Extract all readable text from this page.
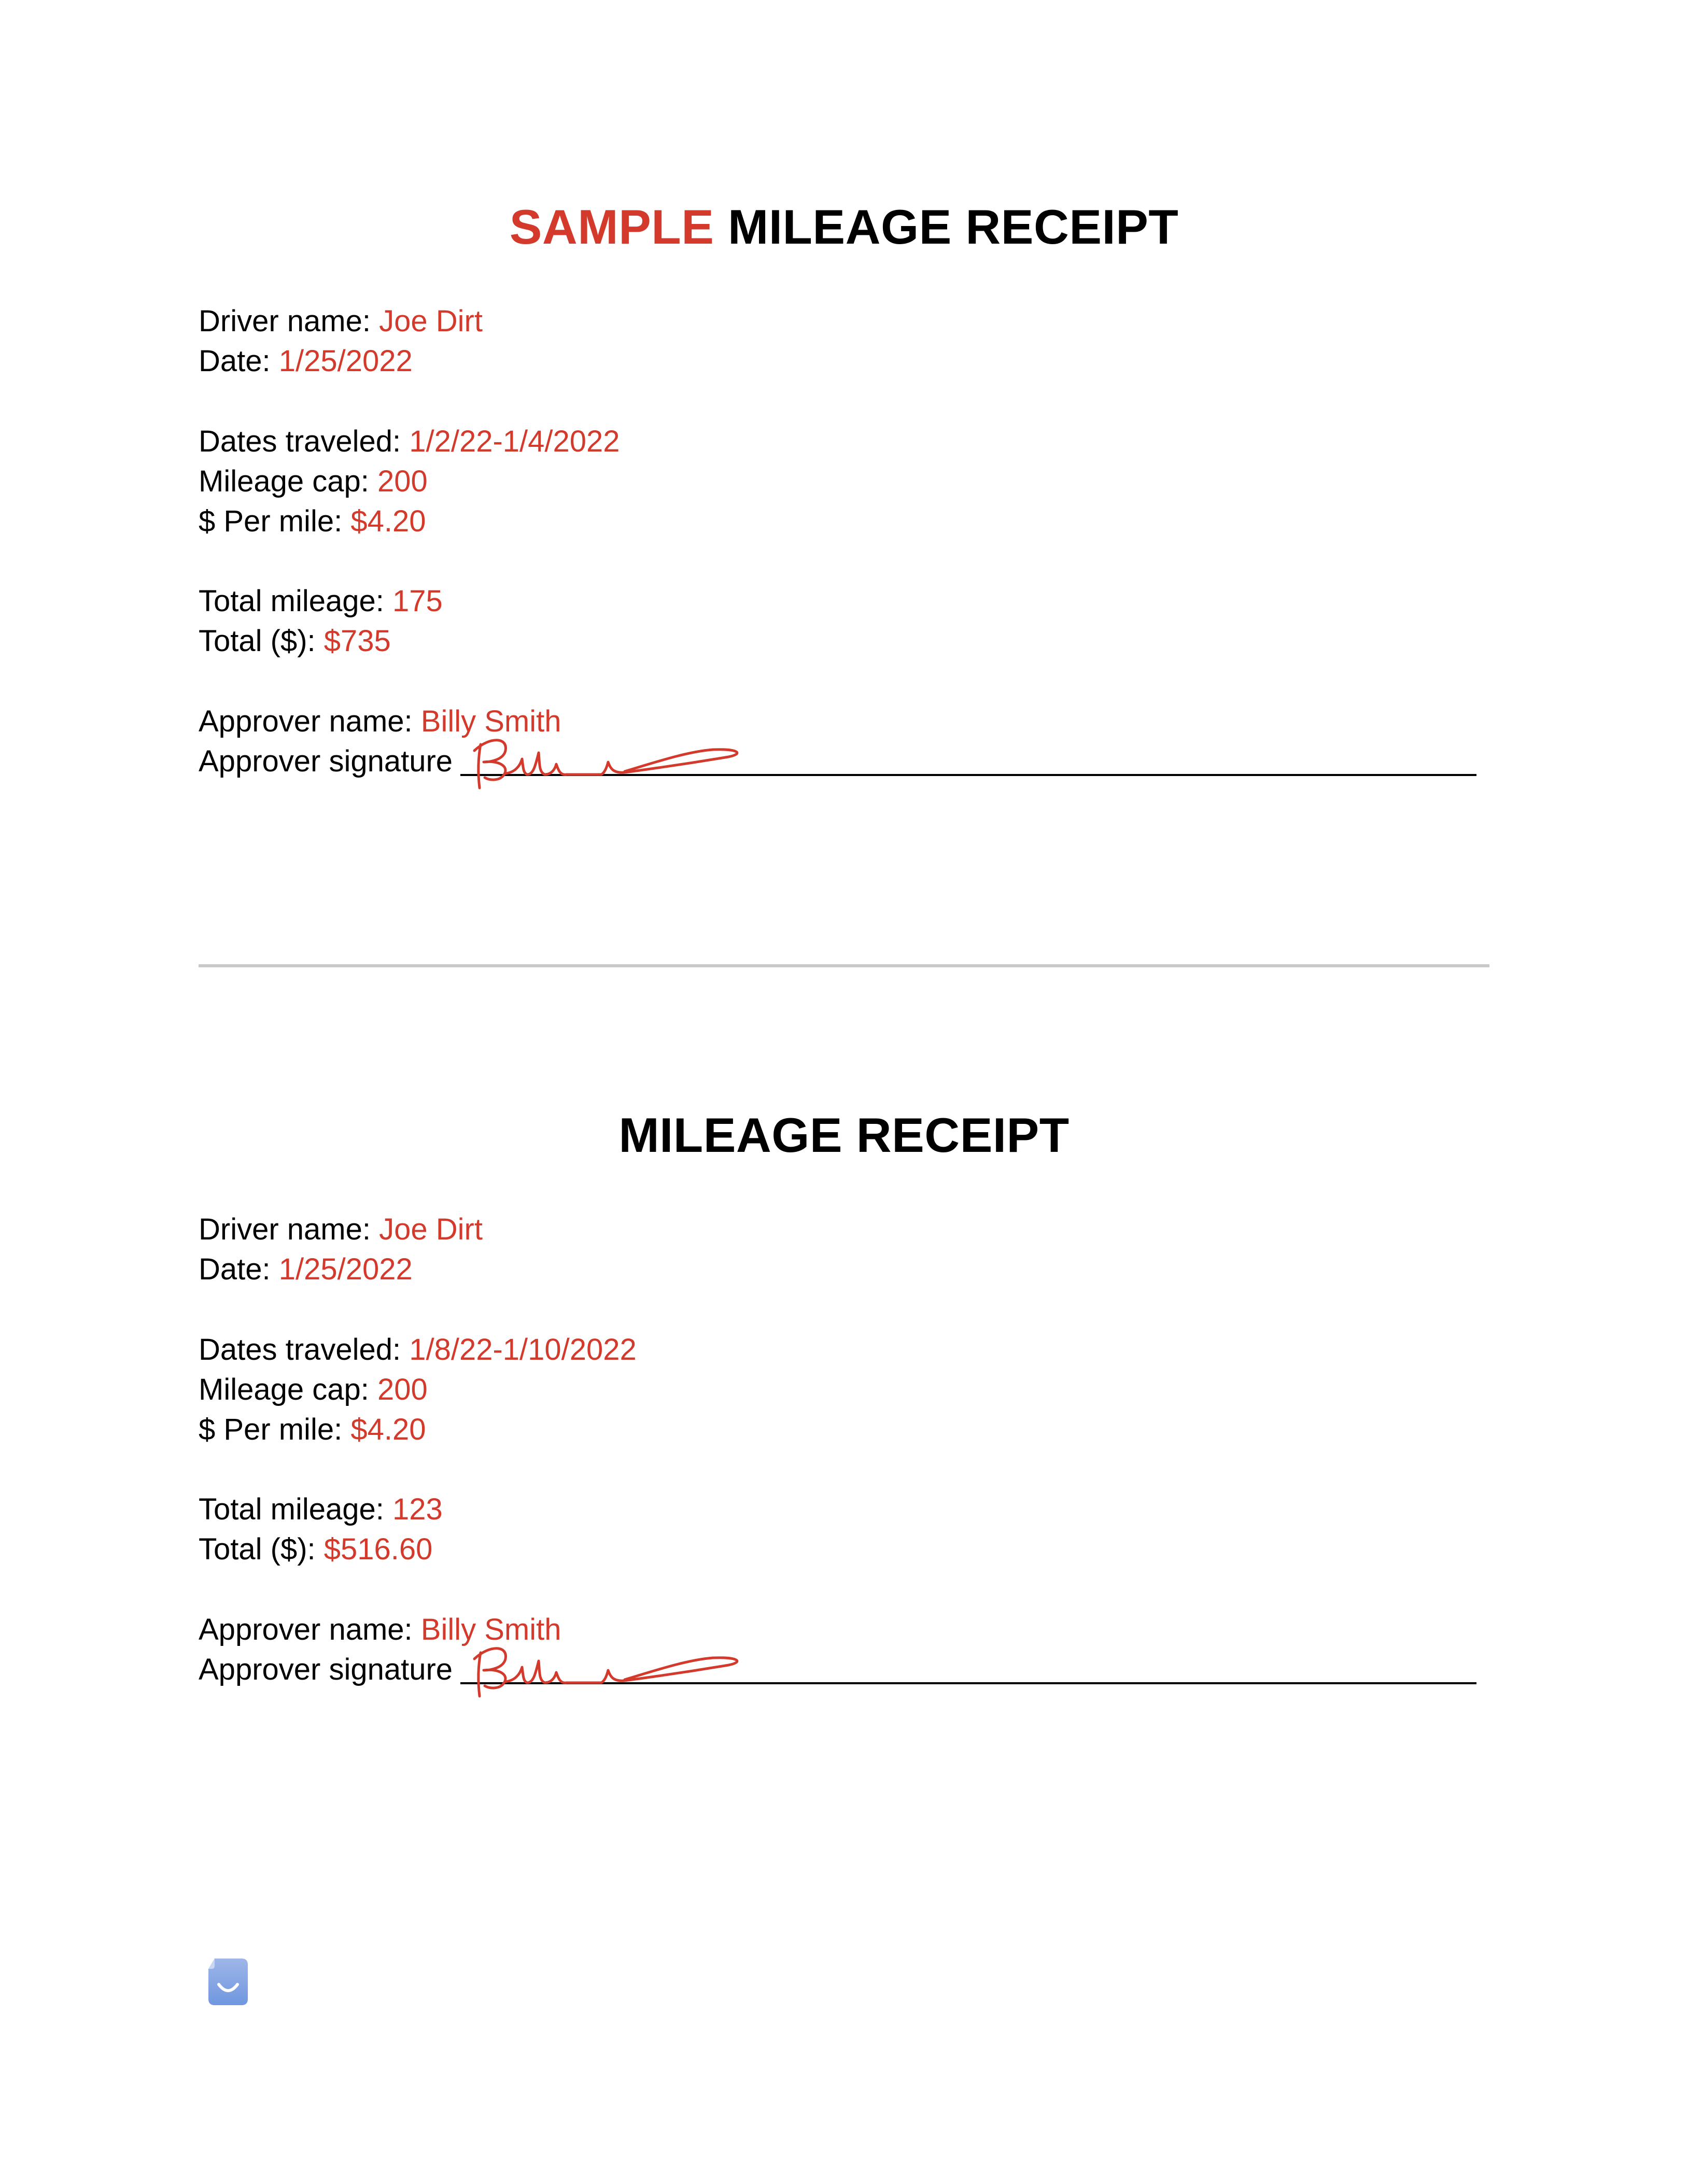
SAMPLE MILEAGE RECEIPT
Driver name: Joe Dirt
Date: 1/25/2022
Dates traveled: 1/2/22-1/4/2022
Mileage cap: 200
$ Per mile: $4.20
Total mileage: 175
Total ($): $735
Approver name: Billy Smith
Approver signature
MILEAGE RECEIPT
Driver name: Joe Dirt
Date: 1/25/2022
Dates traveled: 1/8/22-1/10/2022
Mileage cap: 200
$ Per mile: $4.20
Total mileage: 123
Total ($): $516.60
Approver name: Billy Smith
Approver signature
